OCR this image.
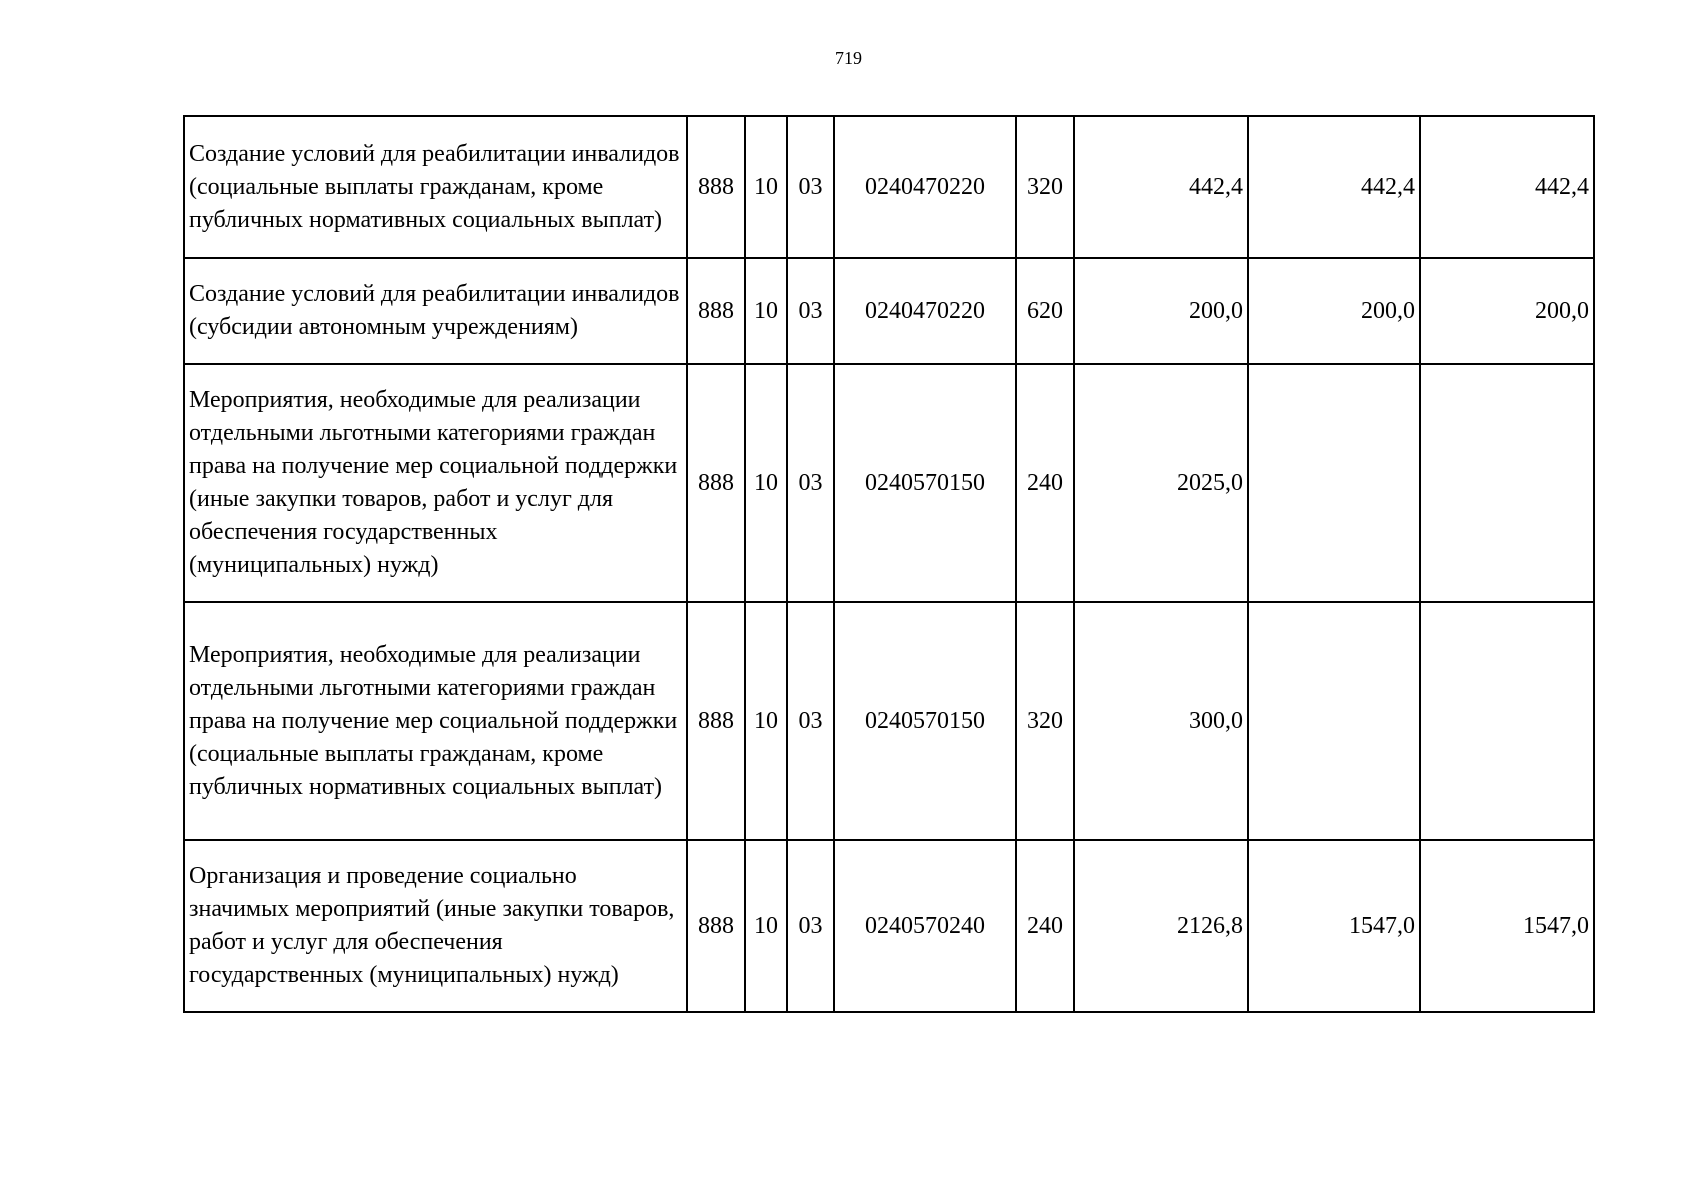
719
Создание условий для реабилитации инвалидов (социальные выплаты гражданам, кроме публичных нормативных социальных выплат)	888	10	03	0240470220	320	442,4	442,4	442,4
Создание условий для реабилитации инвалидов (субсидии автономным учреждениям)	888	10	03	0240470220	620	200,0	200,0	200,0
Мероприятия, необходимые для реализации отдельными льготными категориями граждан права на получение мер социальной поддержки (иные закупки товаров, работ и услуг для обеспечения государственных (муниципальных) нужд)	888	10	03	0240570150	240	2025,0		
Мероприятия, необходимые для реализации отдельными льготными категориями граждан права на получение мер социальной поддержки (социальные выплаты гражданам, кроме публичных нормативных социальных выплат)	888	10	03	0240570150	320	300,0		
Организация и проведение социально значимых мероприятий (иные закупки товаров, работ и услуг для обеспечения государственных (муниципальных) нужд)	888	10	03	0240570240	240	2126,8	1547,0	1547,0
